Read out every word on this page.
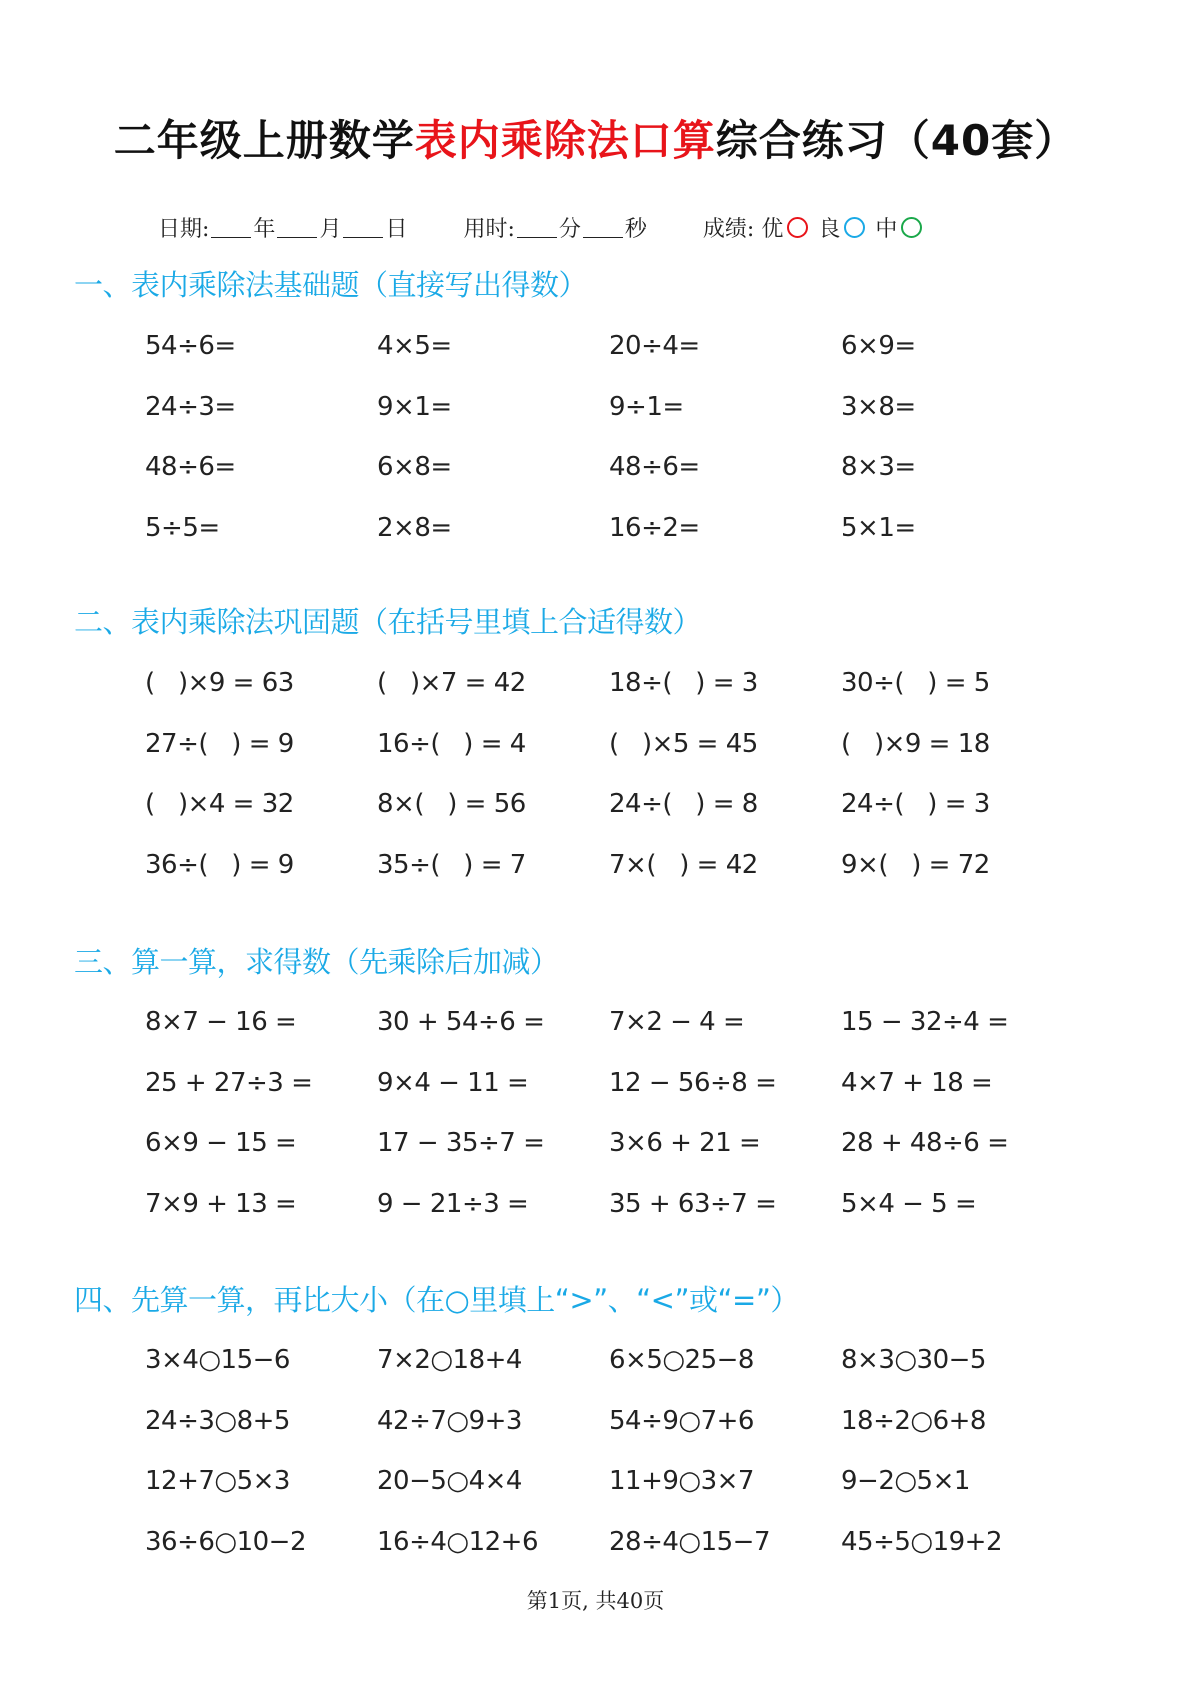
二年级上册数学表内乘除法口算综合练习（40套）
日期: 年 月 日	用时: 分 秒	成绩:
优 良 中
一、表内乘除法基础题（直接写出得数）
54÷6=	4×5=	20÷4=	6×9=
24÷3=	9×1=	9÷1=	3×8=
48÷6=	6×8=	48÷6=	8×3=
5÷5=	2×8=	16÷2=	5×1=
二、表内乘除法巩固题（在括号里填上合适得数）
(   )×9 = 63	(   )×7 = 42	18÷(   ) = 3	30÷(   ) = 5
27÷(   ) = 9	16÷(   ) = 4	(   )×5 = 45	(   )×9 = 18
(   )×4 = 32	8×(   ) = 56	24÷(   ) = 8	24÷(   ) = 3
36÷(   ) = 9	35÷(   ) = 7	7×(   ) = 42	9×(   ) = 72
三、算一算，求得数（先乘除后加减）
8×7 − 16 =	30 + 54÷6 =	7×2 − 4 =	15 − 32÷4 =
25 + 27÷3 =	9×4 − 11 =	12 − 56÷8 =	4×7 + 18 =
6×9 − 15 =	17 − 35÷7 =	3×6 + 21 =	28 + 48÷6 =
7×9 + 13 =	9 − 21÷3 =	35 + 63÷7 =	5×4 − 5 =
四、先算一算，再比大小（在○里填上“>”、“<”或“=”）
3×4○15−6	7×2○18+4	6×5○25−8	8×3○30−5
24÷3○8+5	42÷7○9+3	54÷9○7+6	18÷2○6+8
12+7○5×3	20−5○4×4	11+9○3×7	9−2○5×1
36÷6○10−2	16÷4○12+6	28÷4○15−7	45÷5○19+2
第1页, 共40页
